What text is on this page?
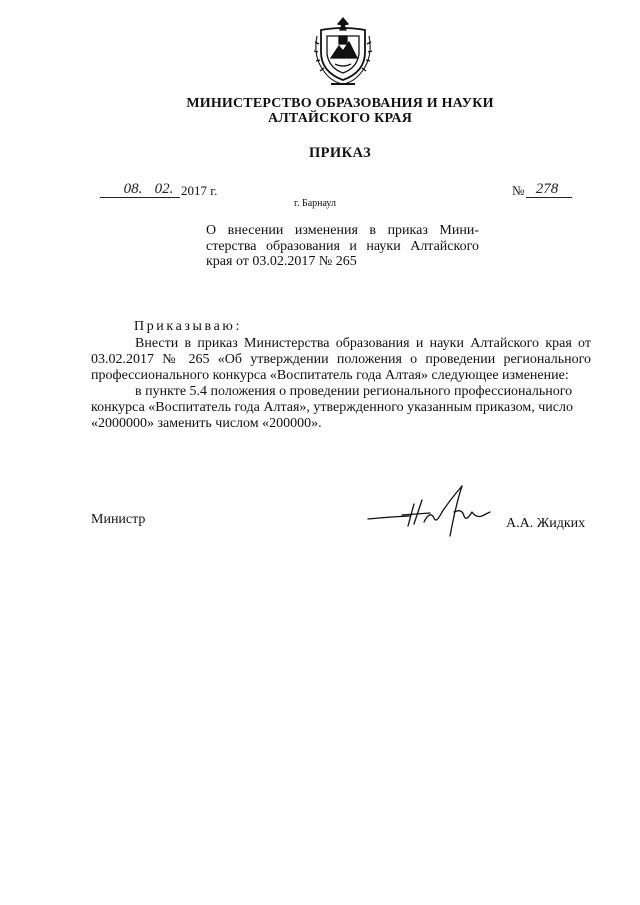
МИНИСТЕРСТВО ОБРАЗОВАНИЯ И НАУКИ
АЛТАЙСКОГО КРАЯ
ПРИКАЗ
08. 02. 2017 г.	№ 278
г. Барнаул
О внесении изменения в приказ Министерства образования и науки Алтайского края от 03.02.2017 № 265
Приказываю:

Внести в приказ Министерства образования и науки Алтайского края от 03.02.2017 № 265 «Об утверждении положения о проведении регионального профессионального конкурса «Воспитатель года Алтая» следующее изменение:

в пункте 5.4 положения о проведении регионального профессионального конкурса «Воспитатель года Алтая», утвержденного указанным приказом, число «2000000» заменить числом «200000».

Министр	А.А. Жидких
